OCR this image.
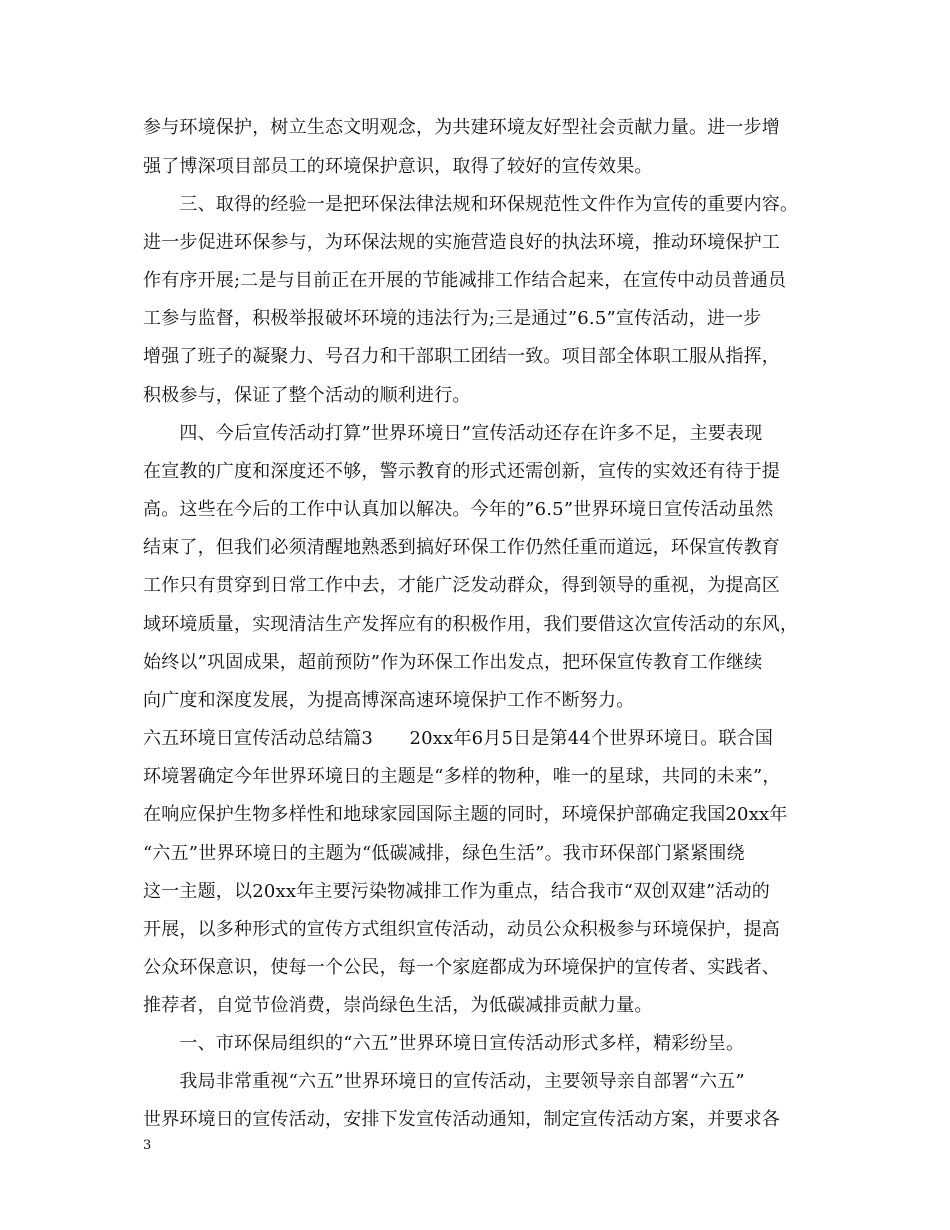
参与环境保护，树立生态文明观念，为共建环境友好型社会贡献力量。进一步增
强了博深项目部员工的环境保护意识，取得了较好的宣传效果。
　　三、取得的经验一是把环保法律法规和环保规范性文件作为宣传的重要内容。
进一步促进环保参与，为环保法规的实施营造良好的执法环境，推动环境保护工
作有序开展;二是与目前正在开展的节能减排工作结合起来，在宣传中动员普通员
工参与监督，积极举报破坏环境的违法行为;三是通过”6.5”宣传活动，进一步
增强了班子的凝聚力、号召力和干部职工团结一致。项目部全体职工服从指挥，
积极参与，保证了整个活动的顺利进行。
　　四、今后宣传活动打算”世界环境日”宣传活动还存在许多不足，主要表现
在宣教的广度和深度还不够，警示教育的形式还需创新，宣传的实效还有待于提
高。这些在今后的工作中认真加以解决。今年的”6.5”世界环境日宣传活动虽然
结束了，但我们必须清醒地熟悉到搞好环保工作仍然任重而道远，环保宣传教育
工作只有贯穿到日常工作中去，才能广泛发动群众，得到领导的重视，为提高区
域环境质量，实现清洁生产发挥应有的积极作用，我们要借这次宣传活动的东风，
始终以”巩固成果，超前预防”作为环保工作出发点，把环保宣传教育工作继续
向广度和深度发展，为提高博深高速环境保护工作不断努力。
六五环境日宣传活动总结篇3　　20xx年6月5日是第44个世界环境日。联合国
环境署确定今年世界环境日的主题是“多样的物种，唯一的星球，共同的未来”，
在响应保护生物多样性和地球家园国际主题的同时，环境保护部确定我国20xx年
“六五”世界环境日的主题为“低碳减排，绿色生活”。我市环保部门紧紧围绕
这一主题，以20xx年主要污染物减排工作为重点，结合我市“双创双建”活动的
开展，以多种形式的宣传方式组织宣传活动，动员公众积极参与环境保护，提高
公众环保意识，使每一个公民，每一个家庭都成为环境保护的宣传者、实践者、
推荐者，自觉节俭消费，崇尚绿色生活，为低碳减排贡献力量。
　　一、市环保局组织的“六五”世界环境日宣传活动形式多样，精彩纷呈。
　　我局非常重视“六五”世界环境日的宣传活动，主要领导亲自部署“六五”
世界环境日的宣传活动，安排下发宣传活动通知，制定宣传活动方案，并要求各
3
